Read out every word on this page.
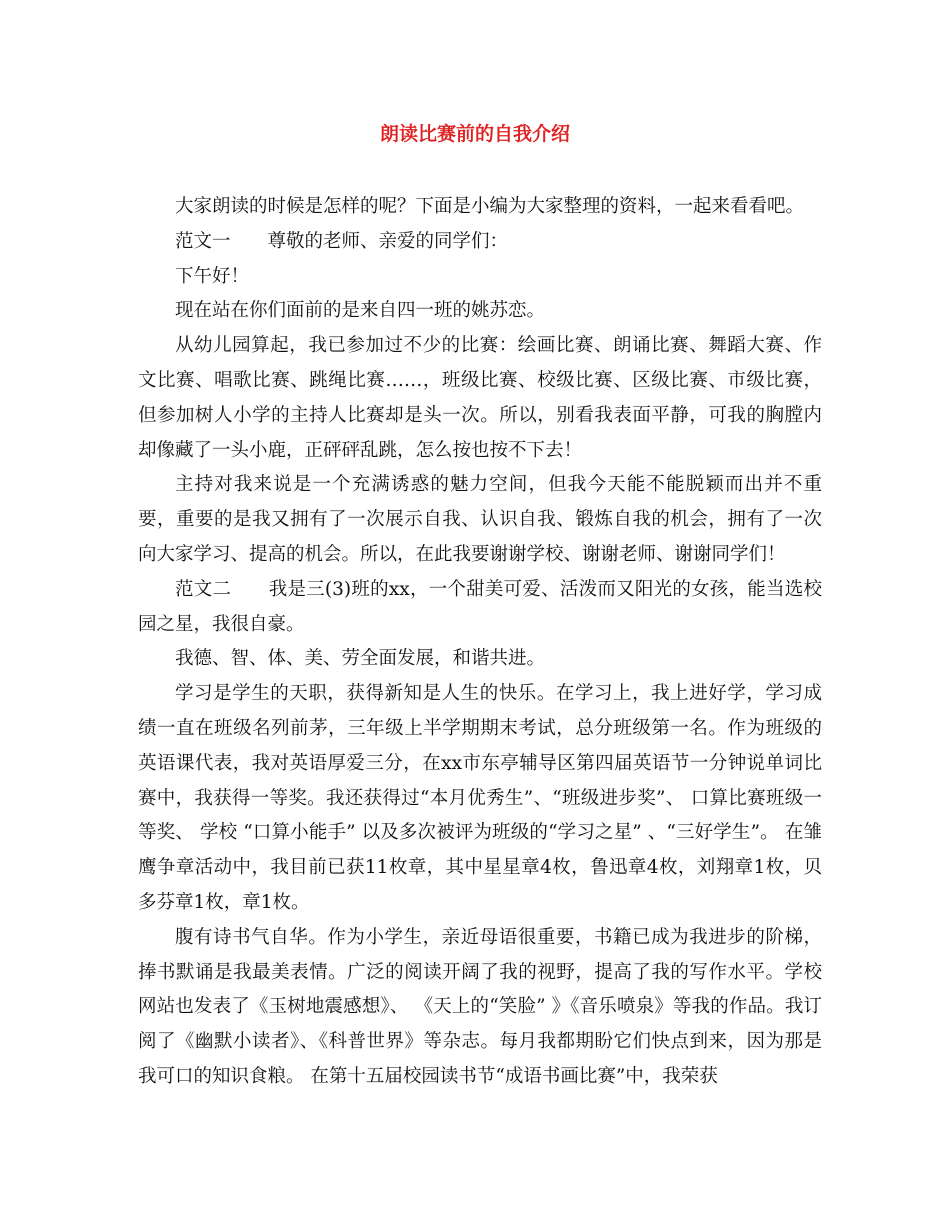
朗读比赛前的自我介绍

大家朗读的时候是怎样的呢？下面是小编为大家整理的资料，一起来看看吧。

范文一　　尊敬的老师、亲爱的同学们：

下午好！

现在站在你们面前的是来自四一班的姚苏恋。

从幼儿园算起，我已参加过不少的比赛：绘画比赛、朗诵比赛、舞蹈大赛、作文比赛、唱歌比赛、跳绳比赛……，班级比赛、校级比赛、区级比赛、市级比赛，但参加树人小学的主持人比赛却是头一次。所以，别看我表面平静，可我的胸膛内却像藏了一头小鹿，正砰砰乱跳，怎么按也按不下去！

主持对我来说是一个充满诱惑的魅力空间，但我今天能不能脱颖而出并不重要，重要的是我又拥有了一次展示自我、认识自我、锻炼自我的机会，拥有了一次向大家学习、提高的机会。所以，在此我要谢谢学校、谢谢老师、谢谢同学们！

范文二　　我是三(3)班的xx，一个甜美可爱、活泼而又阳光的女孩，能当选校园之星，我很自豪。

我德、智、体、美、劳全面发展，和谐共进。

学习是学生的天职，获得新知是人生的快乐。在学习上，我上进好学，学习成绩一直在班级名列前茅，三年级上半学期期末考试，总分班级第一名。作为班级的英语课代表，我对英语厚爱三分，在xx市东亭辅导区第四届英语节一分钟说单词比赛中，我获得一等奖。我还获得过“本月优秀生”、“班级进步奖”、 口算比赛班级一等奖、 学校 “口算小能手” 以及多次被评为班级的“学习之星” 、“三好学生”。 在雏鹰争章活动中，我目前已获11枚章，其中星星章4枚，鲁迅章4枚，刘翔章1枚，贝多芬章1枚，章1枚。

腹有诗书气自华。作为小学生，亲近母语很重要，书籍已成为我进步的阶梯，捧书默诵是我最美表情。广泛的阅读开阔了我的视野，提高了我的写作水平。学校网站也发表了《玉树地震感想》、 《天上的“笑脸” 》《音乐喷泉》等我的作品。我订阅了《幽默小读者》、《科普世界》等杂志。每月我都期盼它们快点到来，因为那是我可口的知识食粮。 在第十五届校园读书节“成语书画比赛”中，我荣获
